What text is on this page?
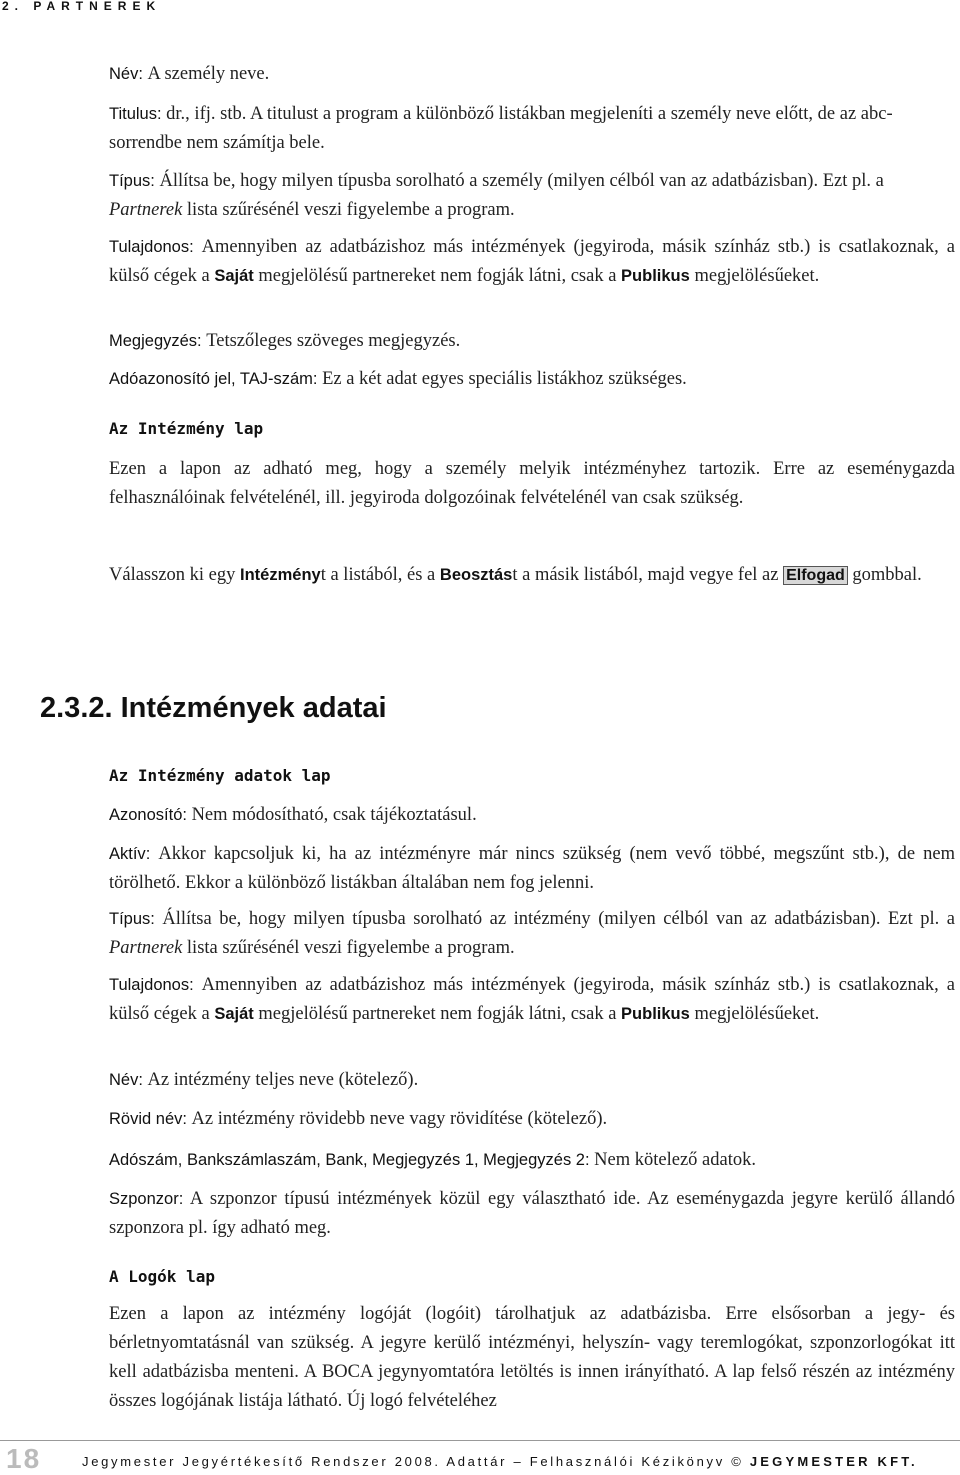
2. PARTNEREK
Név: A személy neve.
Titulus: dr., ifj. stb. A titulust a program a különböző listákban megjeleníti a személy neve előtt, de az abc-sorrendbe nem számítja bele.
Típus: Állítsa be, hogy milyen típusba sorolható a személy (milyen célból van az adatbázisban). Ezt pl. a Partnerek lista szűrésénél veszi figyelembe a program.
Tulajdonos: Amennyiben az adatbázishoz más intézmények (jegyiroda, másik színház stb.) is csatlakoznak, a külső cégek a Saját megjelölésű partnereket nem fogják látni, csak a Publikus megjelölésűeket.
Megjegyzés: Tetszőleges szöveges megjegyzés.
Adóazonosító jel, TAJ-szám: Ez a két adat egyes speciális listákhoz szükséges.
Az Intézmény lap
Ezen a lapon az adható meg, hogy a személy melyik intézményhez tartozik. Erre az eseménygazda felhasználóinak felvételénél, ill. jegyiroda dolgozóinak felvételénél van csak szükség.
Válasszon ki egy Intézményt a listából, és a Beosztást a másik listából, majd vegye fel az Elfogad gombbal.
2.3.2. Intézmények adatai
Az Intézmény adatok lap
Azonosító: Nem módosítható, csak tájékoztatásul.
Aktív: Akkor kapcsoljuk ki, ha az intézményre már nincs szükség (nem vevő többé, megszűnt stb.), de nem törölhető. Ekkor a különböző listákban általában nem fog jelenni.
Típus: Állítsa be, hogy milyen típusba sorolható az intézmény (milyen célból van az adatbázisban). Ezt pl. a Partnerek lista szűrésénél veszi figyelembe a program.
Tulajdonos: Amennyiben az adatbázishoz más intézmények (jegyiroda, másik színház stb.) is csatlakoznak, a külső cégek a Saját megjelölésű partnereket nem fogják látni, csak a Publikus megjelölésűeket.
Név: Az intézmény teljes neve (kötelező).
Rövid név: Az intézmény rövidebb neve vagy rövidítése (kötelező).
Adószám, Bankszámlaszám, Bank, Megjegyzés 1, Megjegyzés 2: Nem kötelező adatok.
Szponzor: A szponzor típusú intézmények közül egy választható ide. Az eseménygazda jegyre kerülő állandó szponzora pl. így adható meg.
A Logók lap
Ezen a lapon az intézmény logóját (logóit) tárolhatjuk az adatbázisba. Erre elsősorban a jegy- és bérletnyomtatásnál van szükség. A jegyre kerülő intézményi, helyszín- vagy teremlogókat, szponzorlogókat itt kell adatbázisba menteni. A BOCA jegynyomtatóra letöltés is innen irányítható. A lap felső részén az intézmény összes logójának listája látható. Új logó felvételéhez
18	Jegymester Jegyértékesítő Rendszer 2008. Adattár – Felhasználói Kézikönyv © JEGYMESTER KFT.
